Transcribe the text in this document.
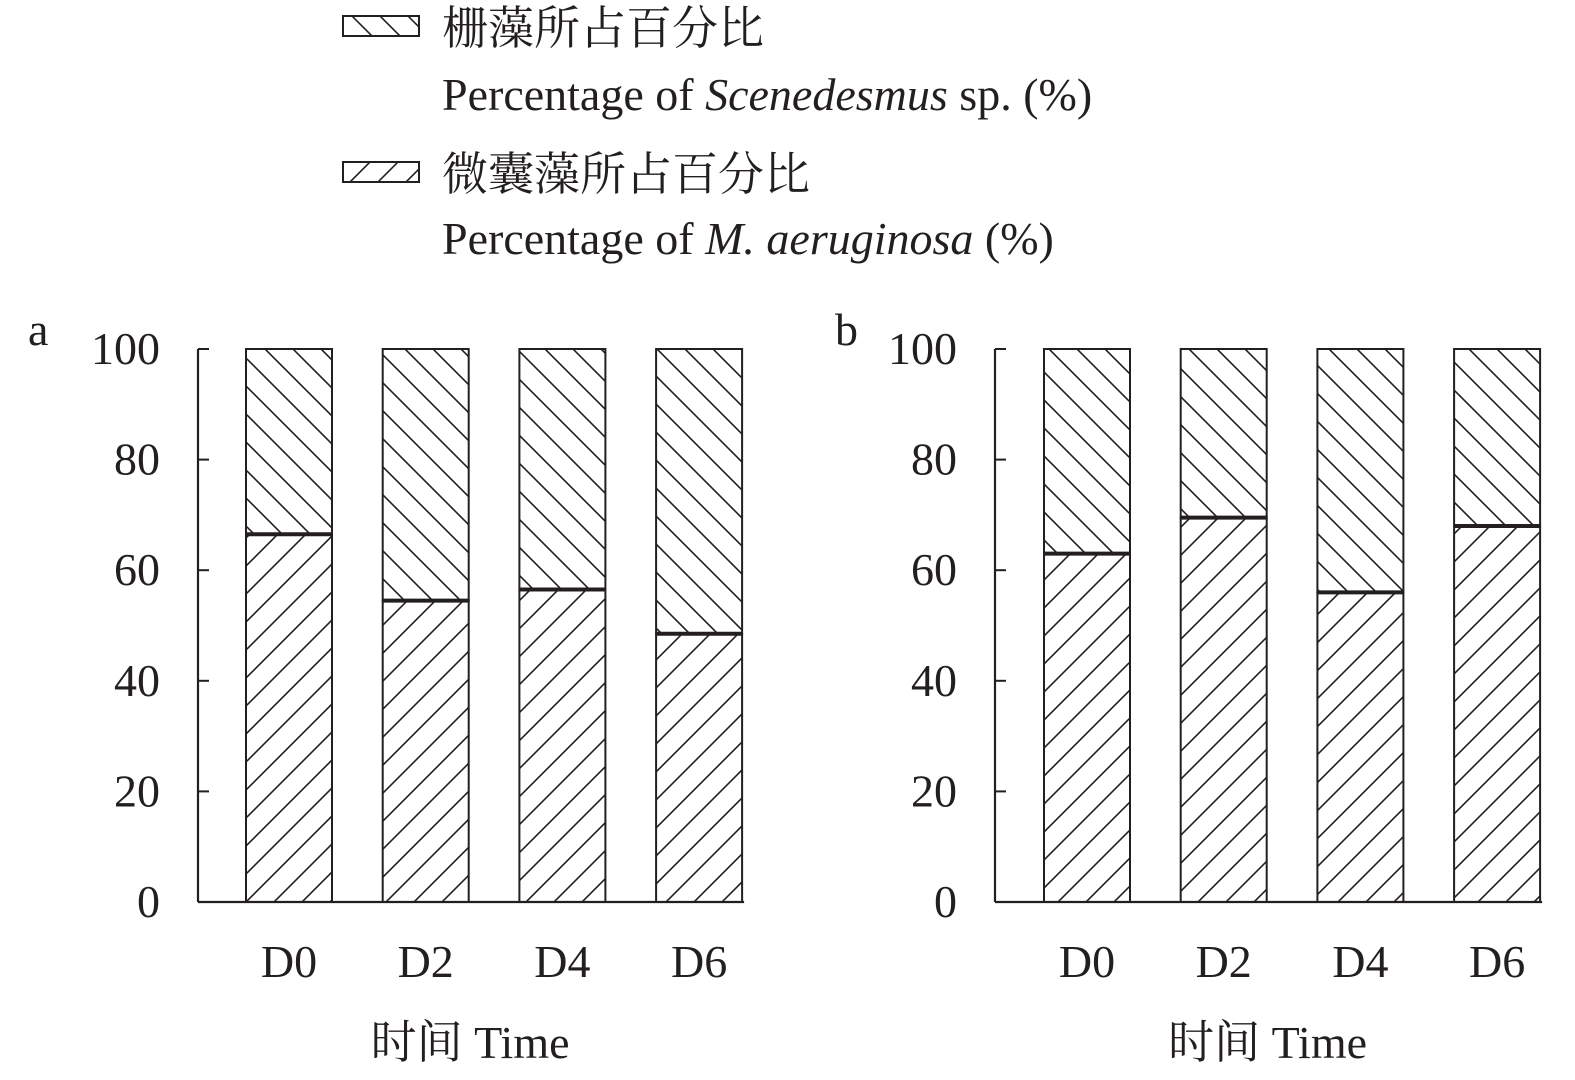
栅藻所占百分比
Percentage of Scenedesmus sp. (%)
微囊藻所占百分比
Percentage of M. aeruginosa (%)
a
0
20
40
60
80
100
D0 D2 D4 D6
时间 Time
b
0
20
40
60
80
100
D0 D2 D4 D6
时间 Time
